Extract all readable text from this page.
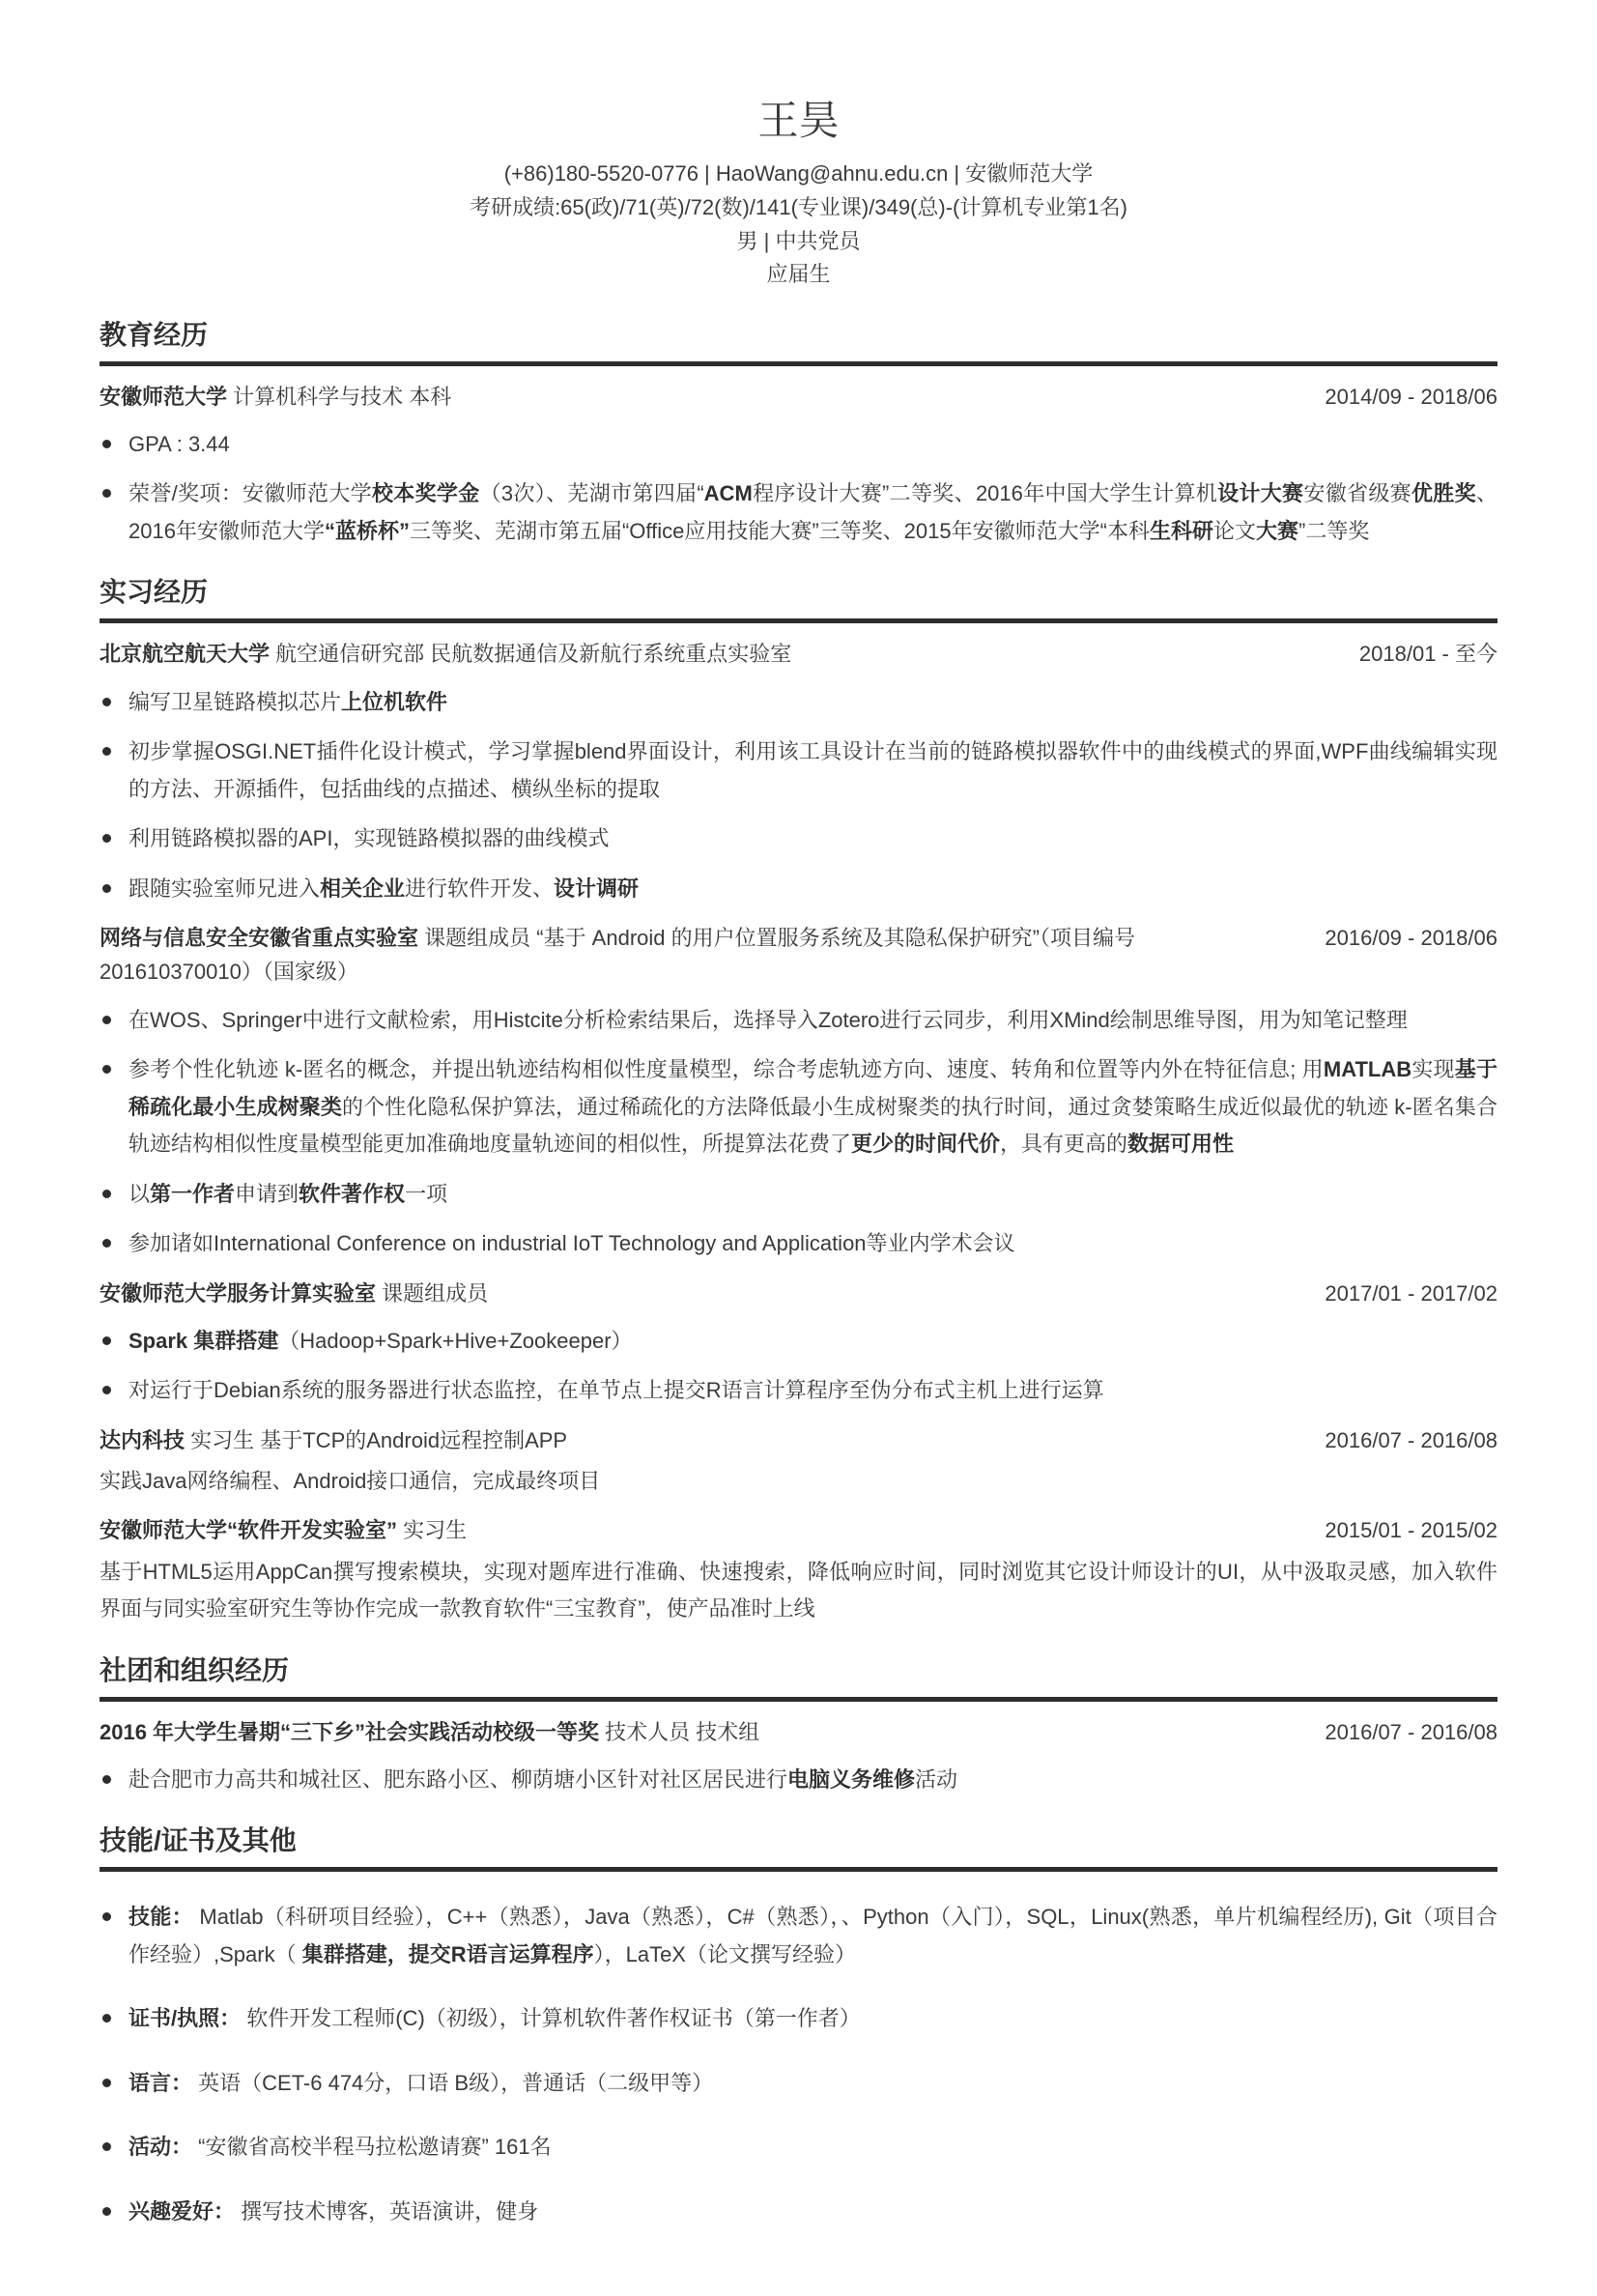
王昊

(+86)180-5520-0776 | HaoWang@ahnu.edu.cn | 安徽师范大学

考研成绩:65(政)/71(英)/72(数)/141(专业课)/349(总)-(计算机专业第1名)

男 | 中共党员

应届生

教育经历
安徽师范大学 计算机科学与技术 本科	2014/09 - 2018/06
GPA : 3.44
荣誉/奖项：安徽师范大学校本奖学金（3次）、芜湖市第四届“ACM程序设计大赛”二等奖、2016年中国大学生计算机设计大赛安徽省级赛优胜奖、2016年安徽师范大学“蓝桥杯”三等奖、芜湖市第五届“Office应用技能大赛”三等奖、2015年安徽师范大学“本科生科研论文大赛”二等奖
实习经历
北京航空航天大学 航空通信研究部 民航数据通信及新航行系统重点实验室	2018/01 - 至今
编写卫星链路模拟芯片上位机软件
初步掌握OSGI.NET插件化设计模式，学习掌握blend界面设计，利用该工具设计在当前的链路模拟器软件中的曲线模式的界面,WPF曲线编辑实现的方法、开源插件，包括曲线的点描述、横纵坐标的提取
利用链路模拟器的API，实现链路模拟器的曲线模式
跟随实验室师兄进入相关企业进行软件开发、设计调研
网络与信息安全安徽省重点实验室 课题组成员 “基于 Android 的用户位置服务系统及其隐私保护研究”（项目编号 201610370010）（国家级）
2016/09 - 2018/06
在WOS、Springer中进行文献检索，用Histcite分析检索结果后，选择导入Zotero进行云同步，利用XMind绘制思维导图，用为知笔记整理
参考个性化轨迹 k-匿名的概念，并提出轨迹结构相似性度量模型，综合考虑轨迹方向、速度、转角和位置等内外在特征信息; 用MATLAB实现基于稀疏化最小生成树聚类的个性化隐私保护算法，通过稀疏化的方法降低最小生成树聚类的执行时间，通过贪婪策略生成近似最优的轨迹 k-匿名集合轨迹结构相似性度量模型能更加准确地度量轨迹间的相似性，所提算法花费了更少的时间代价，具有更高的数据可用性
以第一作者申请到软件著作权一项
参加诸如International Conference on industrial IoT Technology and Application等业内学术会议
安徽师范大学服务计算实验室 课题组成员	2017/01 - 2017/02
Spark 集群搭建（Hadoop+Spark+Hive+Zookeeper）
对运行于Debian系统的服务器进行状态监控，在单节点上提交R语言计算程序至伪分布式主机上进行运算
达内科技 实习生 基于TCP的Android远程控制APP	2016/07 - 2016/08

实践Java网络编程、Android接口通信，完成最终项目

安徽师范大学“软件开发实验室” 实习生	2015/01 - 2015/02

基于HTML5运用AppCan撰写搜索模块，实现对题库进行准确、快速搜索，降低响应时间，同时浏览其它设计师设计的UI，从中汲取灵感，加入软件界面与同实验室研究生等协作完成一款教育软件“三宝教育”，使产品准时上线

社团和组织经历
2016 年大学生暑期“三下乡”社会实践活动校级一等奖 技术人员 技术组	2016/07 - 2016/08
赴合肥市力高共和城社区、肥东路小区、柳荫塘小区针对社区居民进行电脑义务维修活动
技能/证书及其他
技能： Matlab（科研项目经验），C++（熟悉），Java（熟悉），C#（熟悉），、Python（入门），SQL，Linux(熟悉，单片机编程经历), Git（项目合作经验）,Spark（ 集群搭建，提交R语言运算程序），LaTeX（论文撰写经验）
证书/执照： 软件开发工程师(C)（初级），计算机软件著作权证书（第一作者）
语言： 英语（CET-6 474分，口语 B级），普通话（二级甲等）
活动： “安徽省高校半程马拉松邀请赛” 161名
兴趣爱好： 撰写技术博客，英语演讲，健身
